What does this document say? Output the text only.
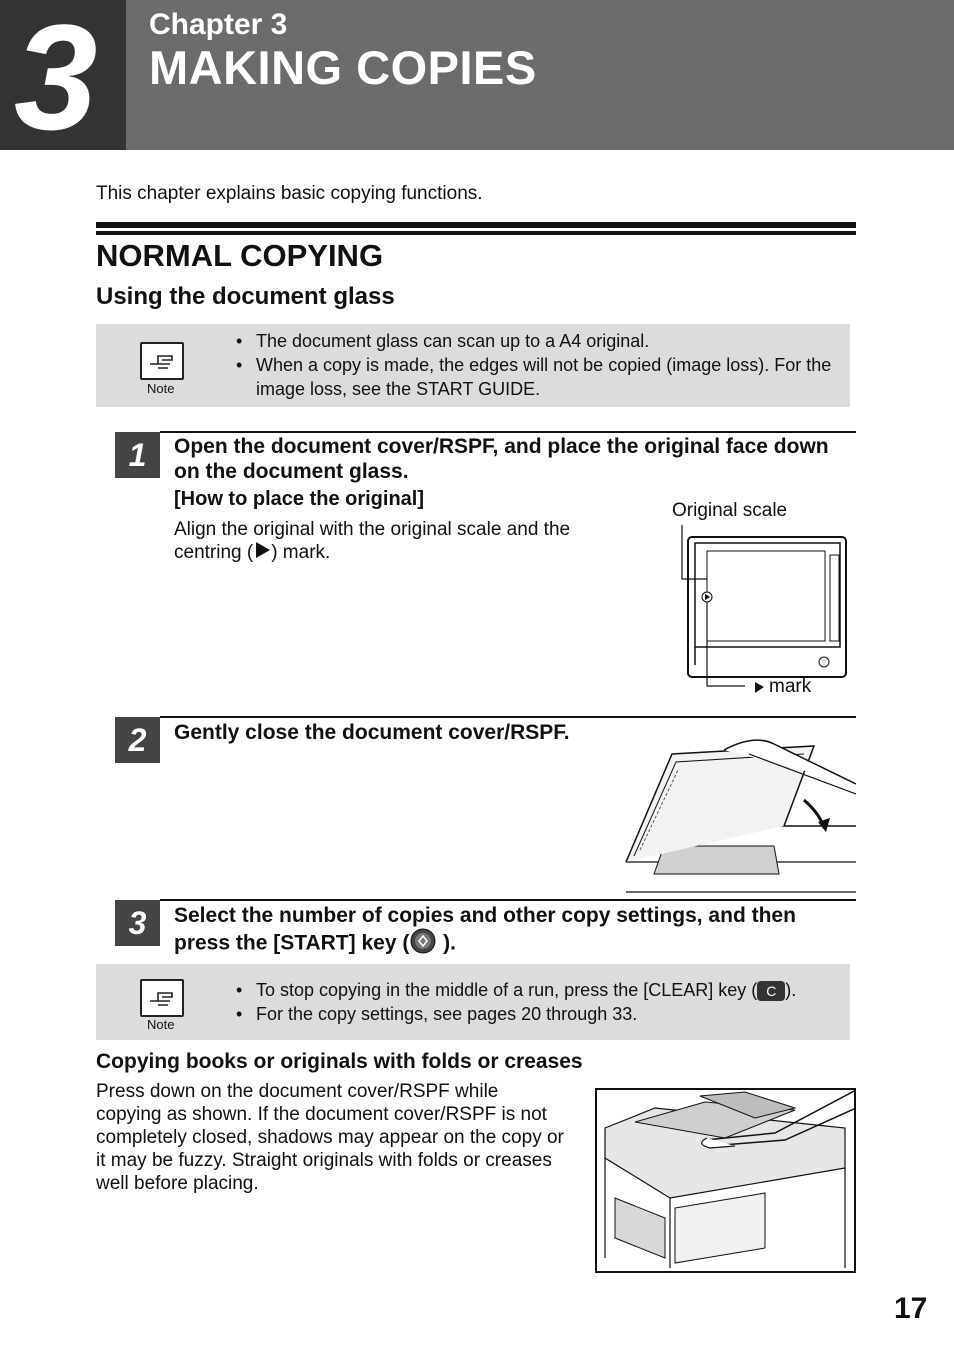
3 Chapter 3
MAKING COPIES
This chapter explains basic copying functions.
NORMAL COPYING
Using the document glass
Note
• The document glass can scan up to a A4 original.
• When a copy is made, the edges will not be copied (image loss). For the image loss, see the START GUIDE.
1	Open the document cover/RSPF, and place the original face down on the document glass.
[How to place the original]
Align the original with the original scale and the centring ( ) mark.
Original scale
mark
2	Gently close the document cover/RSPF.
3	Select the number of copies and other copy settings, and then press the [START] key ( ).
Note
• To stop copying in the middle of a run, press the [CLEAR] key ( C ).
• For the copy settings, see pages 20 through 33.
Copying books or originals with folds or creases
Press down on the document cover/RSPF while copying as shown. If the document cover/RSPF is not completely closed, shadows may appear on the copy or it may be fuzzy. Straight originals with folds or creases well before placing.
17
